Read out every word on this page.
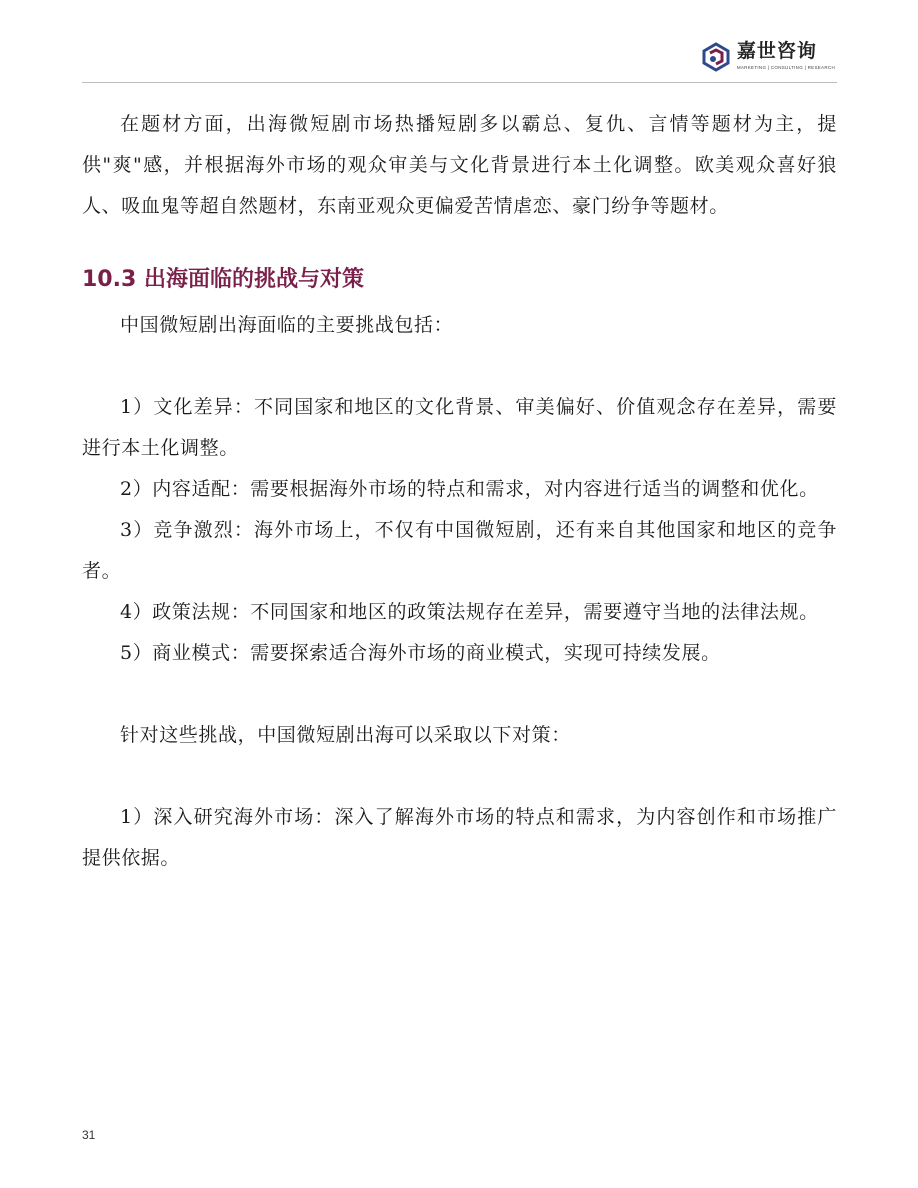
嘉世咨询
MARKETING | CONSULTING | RESEARCH

在题材方面，出海微短剧市场热播短剧多以霸总、复仇、言情等题材为主，提供"爽"感，并根据海外市场的观众审美与文化背景进行本土化调整。欧美观众喜好狼人、吸血鬼等超自然题材，东南亚观众更偏爱苦情虐恋、豪门纷争等题材。

10.3 出海面临的挑战与对策

中国微短剧出海面临的主要挑战包括：

1）文化差异：不同国家和地区的文化背景、审美偏好、价值观念存在差异，需要进行本土化调整。

2）内容适配：需要根据海外市场的特点和需求，对内容进行适当的调整和优化。

3）竞争激烈：海外市场上，不仅有中国微短剧，还有来自其他国家和地区的竞争者。

4）政策法规：不同国家和地区的政策法规存在差异，需要遵守当地的法律法规。

5）商业模式：需要探索适合海外市场的商业模式，实现可持续发展。

针对这些挑战，中国微短剧出海可以采取以下对策：

1）深入研究海外市场：深入了解海外市场的特点和需求，为内容创作和市场推广提供依据。

31
